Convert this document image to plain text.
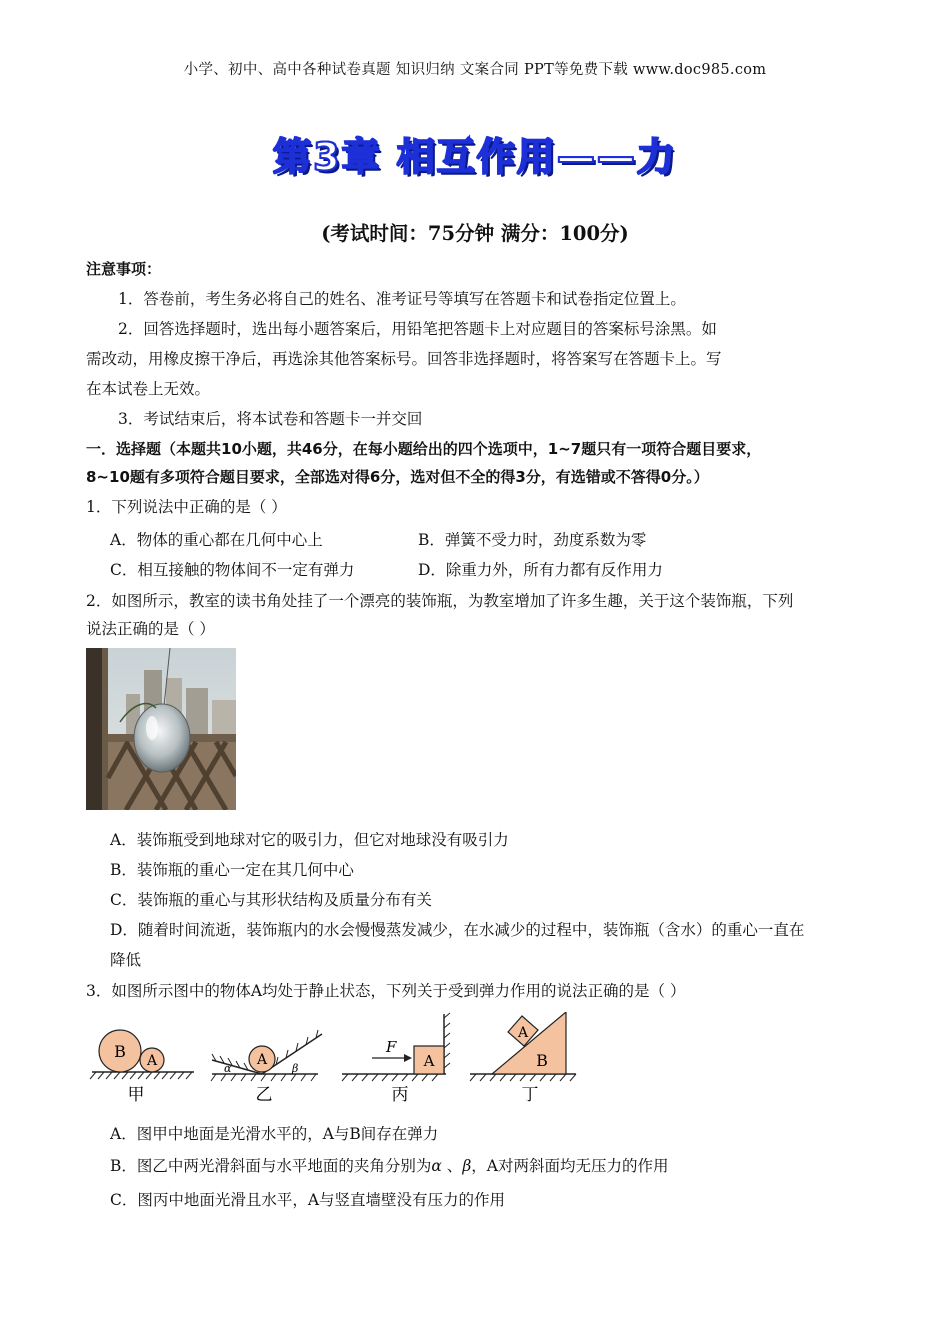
小学、初中、高中各种试卷真题 知识归纳 文案合同 PPT等免费下载 www.doc985.com
第3章 相互作用——力
(考试时间：75分钟 满分：100分)
注意事项：
1．答卷前，考生务必将自己的姓名、准考证号等填写在答题卡和试卷指定位置上。
2．回答选择题时，选出每小题答案后，用铅笔把答题卡上对应题目的答案标号涂黑。如
需改动，用橡皮擦干净后，再选涂其他答案标号。回答非选择题时，将答案写在答题卡上。写
在本试卷上无效。
3．考试结束后，将本试卷和答题卡一并交回
一．选择题（本题共10小题，共46分，在每小题给出的四个选项中，1~7题只有一项符合题目要求，
8~10题有多项符合题目要求，全部选对得6分，选对但不全的得3分，有选错或不答得0分。）
1．下列说法中正确的是（ ）
A．物体的重心都在几何中心上	B．弹簧不受力时，劲度系数为零
C．相互接触的物体间不一定有弹力	D．除重力外，所有力都有反作用力
2．如图所示，教室的读书角处挂了一个漂亮的装饰瓶，为教室增加了许多生趣，关于这个装饰瓶，下列
说法正确的是（ ）
A．装饰瓶受到地球对它的吸引力，但它对地球没有吸引力
B．装饰瓶的重心一定在其几何中心
C．装饰瓶的重心与其形状结构及质量分布有关
D．随着时间流逝，装饰瓶内的水会慢慢蒸发减少，在水减少的过程中，装饰瓶（含水）的重心一直在
降低
3．如图所示图中的物体A均处于静止状态，下列关于受到弹力作用的说法正确的是（ ）
B A
甲
A
α	β
乙
A
F
丙
A
B
丁
A．图甲中地面是光滑水平的，A与B间存在弹力
B．图乙中两光滑斜面与水平地面的夹角分别为α 、β，A对两斜面均无压力的作用
C．图丙中地面光滑且水平，A与竖直墙壁没有压力的作用
